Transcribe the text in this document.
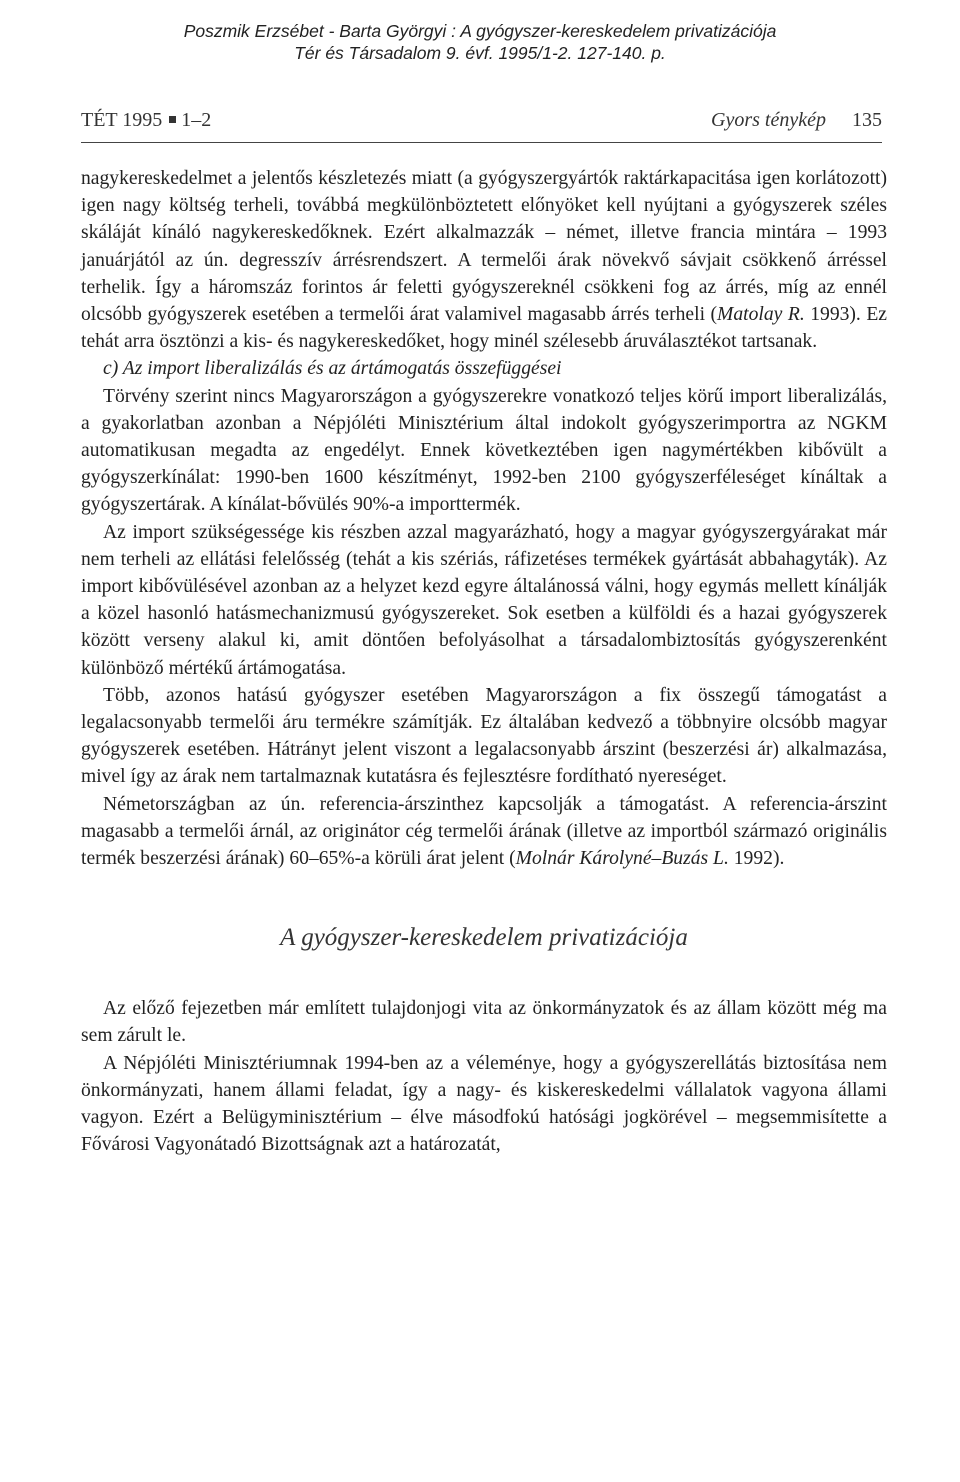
Poszmik Erzsébet - Barta Györgyi : A gyógyszer-kereskedelem privatizációja
Tér és Társadalom 9. évf. 1995/1-2. 127-140. p.
TÉT 1995 1–2	Gyors ténykép 135

nagykereskedelmet a jelentős készletezés miatt (a gyógyszergyártók raktárkapacitása igen korlátozott) igen nagy költség terheli, továbbá megkülönböztetett előnyöket kell nyújtani a gyógyszerek széles skáláját kínáló nagykereskedőknek. Ezért alkalmazzák – német, illetve francia mintára – 1993 januárjától az ún. degresszív árrésrendszert. A termelői árak növekvő sávjait csökkenő árréssel terhelik. Így a háromszáz forintos ár feletti gyógyszereknél csökkeni fog az árrés, míg az ennél olcsóbb gyógyszerek esetében a termelői árat valamivel magasabb árrés terheli (Matolay R. 1993). Ez tehát arra ösztönzi a kis- és nagykereskedőket, hogy minél szélesebb áruválasztékot tartsanak.

c) Az import liberalizálás és az ártámogatás összefüggései

Törvény szerint nincs Magyarországon a gyógyszerekre vonatkozó teljes körű import liberalizálás, a gyakorlatban azonban a Népjóléti Minisztérium által indokolt gyógyszerimportra az NGKM automatikusan megadta az engedélyt. Ennek következtében igen nagymértékben kibővült a gyógyszerkínálat: 1990-ben 1600 készítményt, 1992-ben 2100 gyógyszerféleséget kínáltak a gyógyszertárak. A kínálat-bővülés 90%-a importtermék.

Az import szükségessége kis részben azzal magyarázható, hogy a magyar gyógyszergyárakat már nem terheli az ellátási felelősség (tehát a kis szériás, ráfizetéses termékek gyártását abbahagyták). Az import kibővülésével azonban az a helyzet kezd egyre általánossá válni, hogy egymás mellett kínálják a közel hasonló hatásmechanizmusú gyógyszereket. Sok esetben a külföldi és a hazai gyógyszerek között verseny alakul ki, amit döntően befolyásolhat a társadalombiztosítás gyógyszerenként különböző mértékű ártámogatása.

Több, azonos hatású gyógyszer esetében Magyarországon a fix összegű támogatást a legalacsonyabb termelői áru termékre számítják. Ez általában kedvező a többnyire olcsóbb magyar gyógyszerek esetében. Hátrányt jelent viszont a legalacsonyabb árszint (beszerzési ár) alkalmazása, mivel így az árak nem tartalmaznak kutatásra és fejlesztésre fordítható nyereséget.

Németországban az ún. referencia-árszinthez kapcsolják a támogatást. A referencia-árszint magasabb a termelői árnál, az originátor cég termelői árának (illetve az importból származó originális termék beszerzési árának) 60–65%-a körüli árat jelent (Molnár Károlyné–Buzás L. 1992).

A gyógyszer-kereskedelem privatizációja

Az előző fejezetben már említett tulajdonjogi vita az önkormányzatok és az állam között még ma sem zárult le.

A Népjóléti Minisztériumnak 1994-ben az a véleménye, hogy a gyógyszerellátás biztosítása nem önkormányzati, hanem állami feladat, így a nagy- és kiskereskedelmi vállalatok vagyona állami vagyon. Ezért a Belügyminisztérium – élve másodfokú hatósági jogkörével – megsemmisítette a Fővárosi Vagyonátadó Bizottságnak azt a határozatát,
